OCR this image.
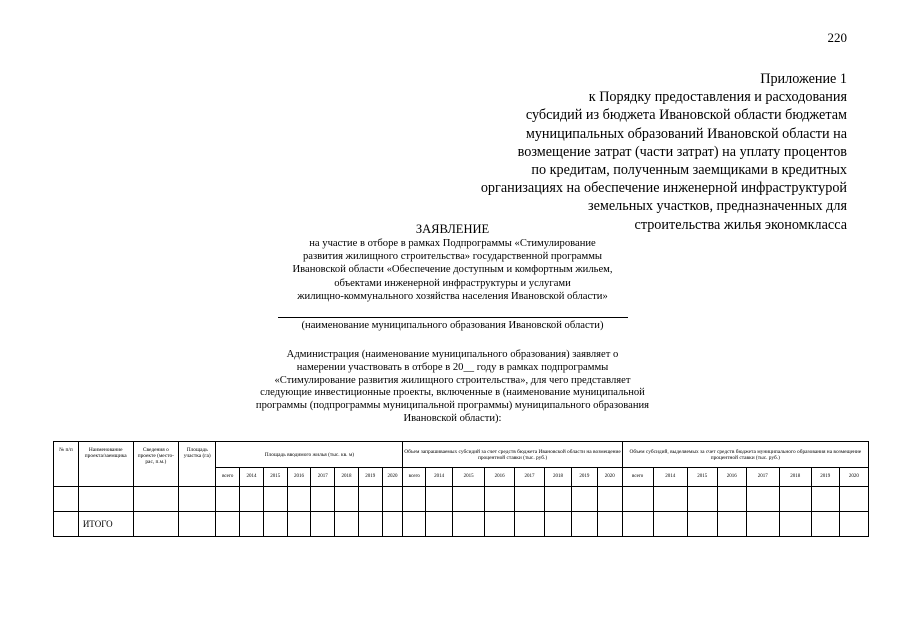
220
Приложение 1
к Порядку предоставления и расходования
субсидий из бюджета Ивановской области бюджетам
муниципальных образований Ивановской области на
возмещение затрат (части затрат) на уплату процентов
по кредитам, полученным заемщиками в кредитных
организациях на обеспечение инженерной инфраструктурой
земельных участков, предназначенных для
строительства жилья экономкласса
ЗАЯВЛЕНИЕ
на участие в отборе в рамках Подпрограммы «Стимулирование
развития жилищного строительства» государственной программы
Ивановской области «Обеспечение доступным и комфортным жильем,
объектами инженерной инфраструктуры и услугами
жилищно-коммунального хозяйства населения Ивановской области»
(наименование муниципального образования Ивановской области)
Администрация (наименование муниципального образования) заявляет о
намерении участвовать в отборе в 20__ году в рамках подпрограммы
«Стимулирование развития жилищного строительства», для чего представляет
следующие инвестиционные проекты, включенные в (наименование муниципальной
программы (подпрограммы муниципальной программы) муниципального образования
Ивановской области):
№ п/п	Наименование проекта/заемщика	Сведения о проекте (место-рас, п.м.)	Площадь участка (га)	Площадь вводимого жилья (тыс. кв. м)								Объем запрашиваемых субсидий за счет средств бюджета Ивановской области на возмещение процентной ставки (тыс. руб.)								Объем субсидий, выделяемых за счет средств бюджета муниципального образования на возмещение процентной ставки (тыс. руб.)							
				всего	2014	2015	2016	2017	2018	2019	2020	всего	2014	2015	2016	2017	2018	2019	2020	всего	2014	2015	2016	2017	2018	2019	2020

	ИТОГО																										
